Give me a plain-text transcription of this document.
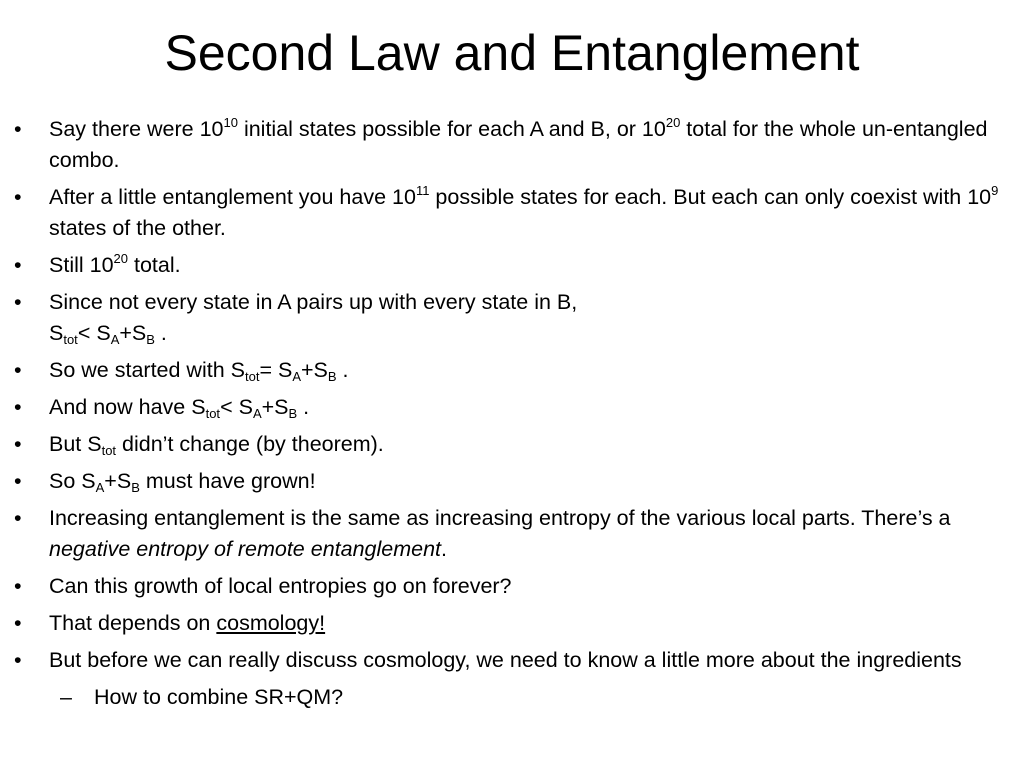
Second Law and Entanglement
•	Say there were $10^{10}$ initial states possible for each A and B, or $10^{20}$ total for the whole un-entangled combo.
•	After a little entanglement you have $10^{11}$ possible states for each. But each can only coexist with $10^9$ states of the other.
•	Still $10^{20}$ total.
•	Since not every state in A pairs up with every state in B,
$S_{tot}< S_A+S_B$ .
•	So we started with $S_{tot}= S_A+S_B$ .
•	And now have $S_{tot}< S_A+S_B$ .
•	But $S_{tot}$ didn’t change (by theorem).
•	So $S_A+S_B$ must have grown!
•	Increasing entanglement is the same as increasing entropy of the various local parts. There’s a negative entropy of remote entanglement.
•	Can this growth of local entropies go on forever?
•	That depends on cosmology!
•	But before we can really discuss cosmology, we need to know a little more about the ingredients
–	How to combine SR+QM?
